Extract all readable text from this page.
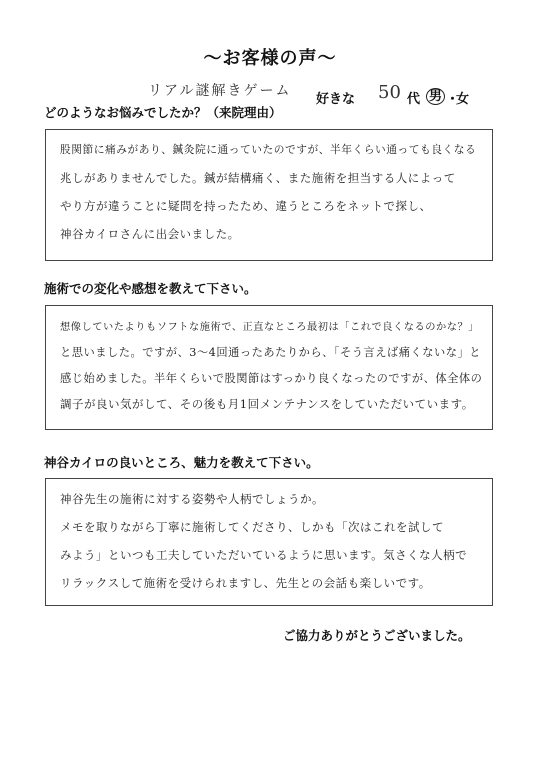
～お客様の声～
リアル謎解きゲーム
好きな 50 代 男 ・
女
どのようなお悩みでしたか？（来院理由）
股関節に痛みがあり、鍼灸院に通っていたのですが、半年くらい通っても良くなる
兆しがありませんでした。鍼が結構痛く、また施術を担当する人によって
やり方が違うことに疑問を持ったため、違うところをネットで探し、
神谷カイロさんに出会いました。
施術での変化や感想を教えて下さい。
想像していたよりもソフトな施術で、正直なところ最初は「これで良くなるのかな？」
と思いました。ですが、3～4回通ったあたりから、「そう言えば痛くないな」と
感じ始めました。半年くらいで股関節はすっかり良くなったのですが、体全体の
調子が良い気がして、その後も月1回メンテナンスをしていただいています。
神谷カイロの良いところ、魅力を教えて下さい。
神谷先生の施術に対する姿勢や人柄でしょうか。
メモを取りながら丁寧に施術してくださり、しかも「次はこれを試して
みよう」といつも工夫していただいているように思います。気さくな人柄で
リラックスして施術を受けられますし、先生との会話も楽しいです。
ご協力ありがとうございました。
